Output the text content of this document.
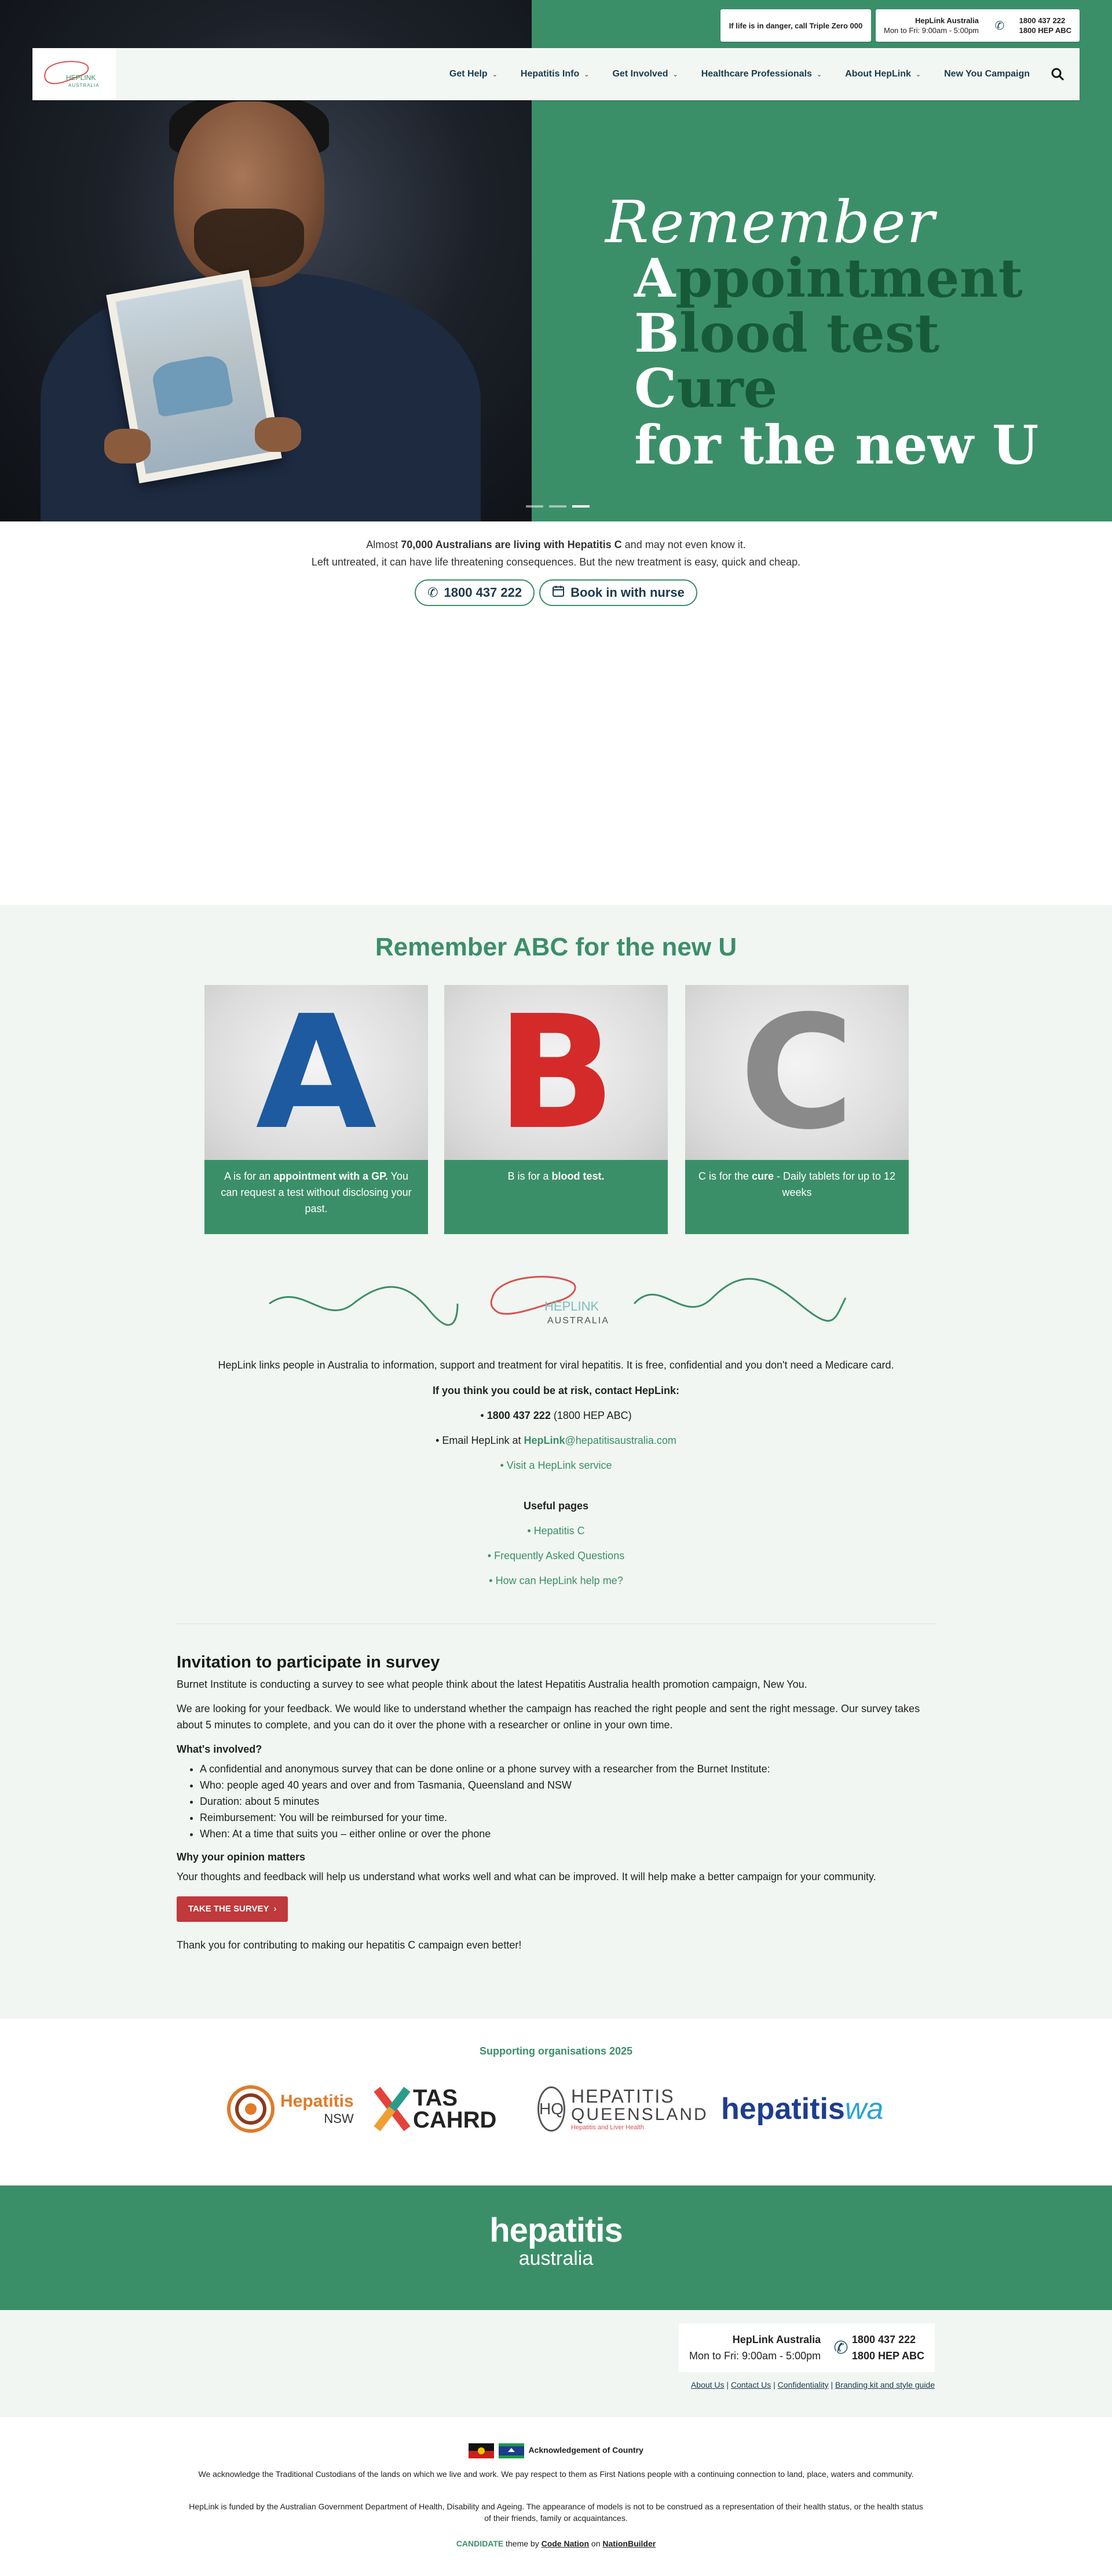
Remember
Appointment
Blood test
Cure
for the new U
If life is in danger, call Triple Zero 000
HepLink Australia
Mon to Fri: 9:00am - 5:00pm ✆ 1800 437 222
1800 HEP ABC
HEPLINK
AUSTRALIA
Get Help ⌄	Hepatitis Info ⌄	Get Involved ⌄	Healthcare Professionals ⌄	About HepLink ⌄	New You Campaign
Almost 70,000 Australians are living with Hepatitis C and may not even know it.
Left untreated, it can have life threatening consequences. But the new treatment is easy, quick and cheap.
✆ 1800 437 222	Book in with nurse
Remember ABC for the new U
A
A is for an appointment with a GP. You can request a test without disclosing your past.
B
B is for a blood test.
C
C is for the cure - Daily tablets for up to 12 weeks
HEPLINK
AUSTRALIA
HepLink links people in Australia to information, support and treatment for viral hepatitis. It is free, confidential and you don't need a Medicare card.
If you think you could be at risk, contact HepLink:
• 1800 437 222 (1800 HEP ABC)
• Email HepLink at HepLink@hepatitisaustralia.com
• Visit a HepLink service
Useful pages
• Hepatitis C
• Frequently Asked Questions
• How can HepLink help me?
Invitation to participate in survey

Burnet Institute is conducting a survey to see what people think about the latest Hepatitis Australia health promotion campaign, New You.

We are looking for your feedback. We would like to understand whether the campaign has reached the right people and sent the right message. Our survey takes about 5 minutes to complete, and you can do it over the phone with a researcher or online in your own time.

What's involved?
• A confidential and anonymous survey that can be done online or a phone survey with a researcher from the Burnet Institute:
• Who: people aged 40 years and over and from Tasmania, Queensland and NSW
• Duration: about 5 minutes
• Reimbursement: You will be reimbursed for your time.
• When: At a time that suits you – either online or over the phone
Why your opinion matters

Your thoughts and feedback will help us understand what works well and what can be improved. It will help make a better campaign for your community.

TAKE THE SURVEY ›

Thank you for contributing to making our hepatitis C campaign even better!

Supporting organisations 2025
Hepatitis
NSW
TAS
CAHRD	HQ
HEPATITIS
QUEENSLAND
Hepatitis and Liver Health
hepatitis wa
hepatitis
australia
HepLink Australia
Mon to Fri: 9:00am - 5:00pm ✆ 1800 437 222
1800 HEP ABC
About Us | Contact Us | Confidentiality | Branding kit and style guide
Acknowledgement of Country
We acknowledge the Traditional Custodians of the lands on which we live and work. We pay respect to them as First Nations people with a continuing connection to land, place, waters and community.
HepLink is funded by the Australian Government Department of Health, Disability and Ageing. The appearance of models is not to be construed as a representation of their health status, or the health status of their friends, family or acquaintances.
CANDIDATE theme by Code Nation on NationBuilder
